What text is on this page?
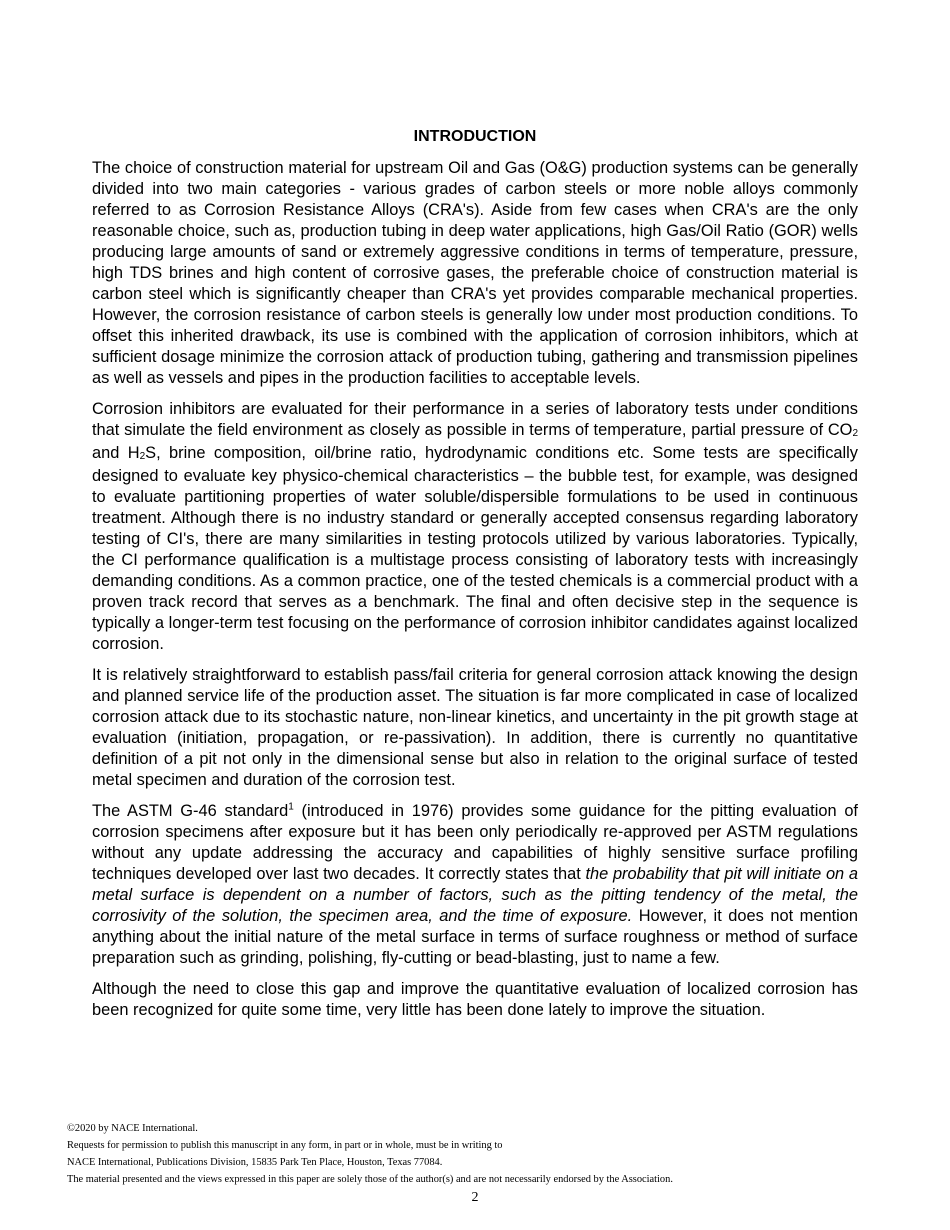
INTRODUCTION

The choice of construction material for upstream Oil and Gas (O&G) production systems can be generally divided into two main categories - various grades of carbon steels or more noble alloys commonly referred to as Corrosion Resistance Alloys (CRA's). Aside from few cases when CRA's are the only reasonable choice, such as, production tubing in deep water applications, high Gas/Oil Ratio (GOR) wells producing large amounts of sand or extremely aggressive conditions in terms of temperature, pressure, high TDS brines and high content of corrosive gases, the preferable choice of construction material is carbon steel which is significantly cheaper than CRA's yet provides comparable mechanical properties. However, the corrosion resistance of carbon steels is generally low under most production conditions. To offset this inherited drawback, its use is combined with the application of corrosion inhibitors, which at sufficient dosage minimize the corrosion attack of production tubing, gathering and transmission pipelines as well as vessels and pipes in the production facilities to acceptable levels.

Corrosion inhibitors are evaluated for their performance in a series of laboratory tests under conditions that simulate the field environment as closely as possible in terms of temperature, partial pressure of $CO_2$ and $H_2S$, brine composition, oil/brine ratio, hydrodynamic conditions etc. Some tests are specifically designed to evaluate key physico-chemical characteristics – the bubble test, for example, was designed to evaluate partitioning properties of water soluble/dispersible formulations to be used in continuous treatment. Although there is no industry standard or generally accepted consensus regarding laboratory testing of CI's, there are many similarities in testing protocols utilized by various laboratories. Typically, the CI performance qualification is a multistage process consisting of laboratory tests with increasingly demanding conditions. As a common practice, one of the tested chemicals is a commercial product with a proven track record that serves as a benchmark. The final and often decisive step in the sequence is typically a longer-term test focusing on the performance of corrosion inhibitor candidates against localized corrosion.

It is relatively straightforward to establish pass/fail criteria for general corrosion attack knowing the design and planned service life of the production asset. The situation is far more complicated in case of localized corrosion attack due to its stochastic nature, non-linear kinetics, and uncertainty in the pit growth stage at evaluation (initiation, propagation, or re-passivation). In addition, there is currently no quantitative definition of a pit not only in the dimensional sense but also in relation to the original surface of tested metal specimen and duration of the corrosion test.

The ASTM G-46 standard$^1$ (introduced in 1976) provides some guidance for the pitting evaluation of corrosion specimens after exposure but it has been only periodically re-approved per ASTM regulations without any update addressing the accuracy and capabilities of highly sensitive surface profiling techniques developed over last two decades. It correctly states that the probability that pit will initiate on a metal surface is dependent on a number of factors, such as the pitting tendency of the metal, the corrosivity of the solution, the specimen area, and the time of exposure. However, it does not mention anything about the initial nature of the metal surface in terms of surface roughness or method of surface preparation such as grinding, polishing, fly-cutting or bead-blasting, just to name a few.

Although the need to close this gap and improve the quantitative evaluation of localized corrosion has been recognized for quite some time, very little has been done lately to improve the situation.

©2020 by NACE International.
Requests for permission to publish this manuscript in any form, in part or in whole, must be in writing to
NACE International, Publications Division, 15835 Park Ten Place, Houston, Texas 77084.
The material presented and the views expressed in this paper are solely those of the author(s) and are not necessarily endorsed by the Association.
2
